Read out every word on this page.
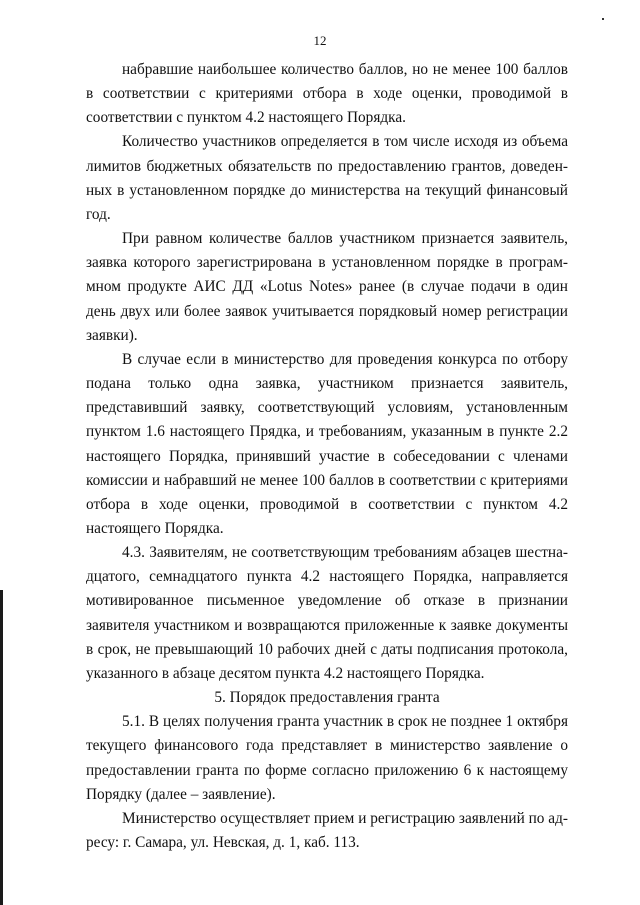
12

набравшие наибольшее количество баллов, но не менее 100 баллов в соответствии с критериями отбора в ходе оценки, проводимой в соответствии с пунктом 4.2 настоящего Порядка.

Количество участников определяется в том числе исходя из объема лимитов бюджетных обязательств по предоставлению грантов, доведенных в установленном порядке до министерства на текущий финансовый год.

При равном количестве баллов участником признается заявитель, заявка которого зарегистрирована в установленном порядке в программном продукте АИС ДД «Lotus Notes» ранее (в случае подачи в один день двух или более заявок учитывается порядковый номер регистрации заявки).

В случае если в министерство для проведения конкурса по отбору подана только одна заявка, участником признается заявитель, представивший заявку, соответствующий условиям, установленным пунктом 1.6 настоящего Прядка, и требованиям, указанным в пункте 2.2 настоящего Порядка, принявший участие в собеседовании с членами комиссии и набравший не менее 100 баллов в соответствии с критериями отбора в ходе оценки, проводимой в соответствии с пунктом 4.2 настоящего Порядка.

4.3. Заявителям, не соответствующим требованиям абзацев шестнадцатого, семнадцатого пункта 4.2 настоящего Порядка, направляется мотивированное письменное уведомление об отказе в признании заявителя участником и возвращаются приложенные к заявке документы в срок, не превышающий 10 рабочих дней с даты подписания протокола, указанного в абзаце десятом пункта 4.2 настоящего Порядка.

5. Порядок предоставления гранта

5.1. В целях получения гранта участник в срок не позднее 1 октября текущего финансового года представляет в министерство заявление о предоставлении гранта по форме согласно приложению 6 к настоящему Порядку (далее – заявление).

Министерство осуществляет прием и регистрацию заявлений по адресу: г. Самара, ул. Невская, д. 1, каб. 113.
